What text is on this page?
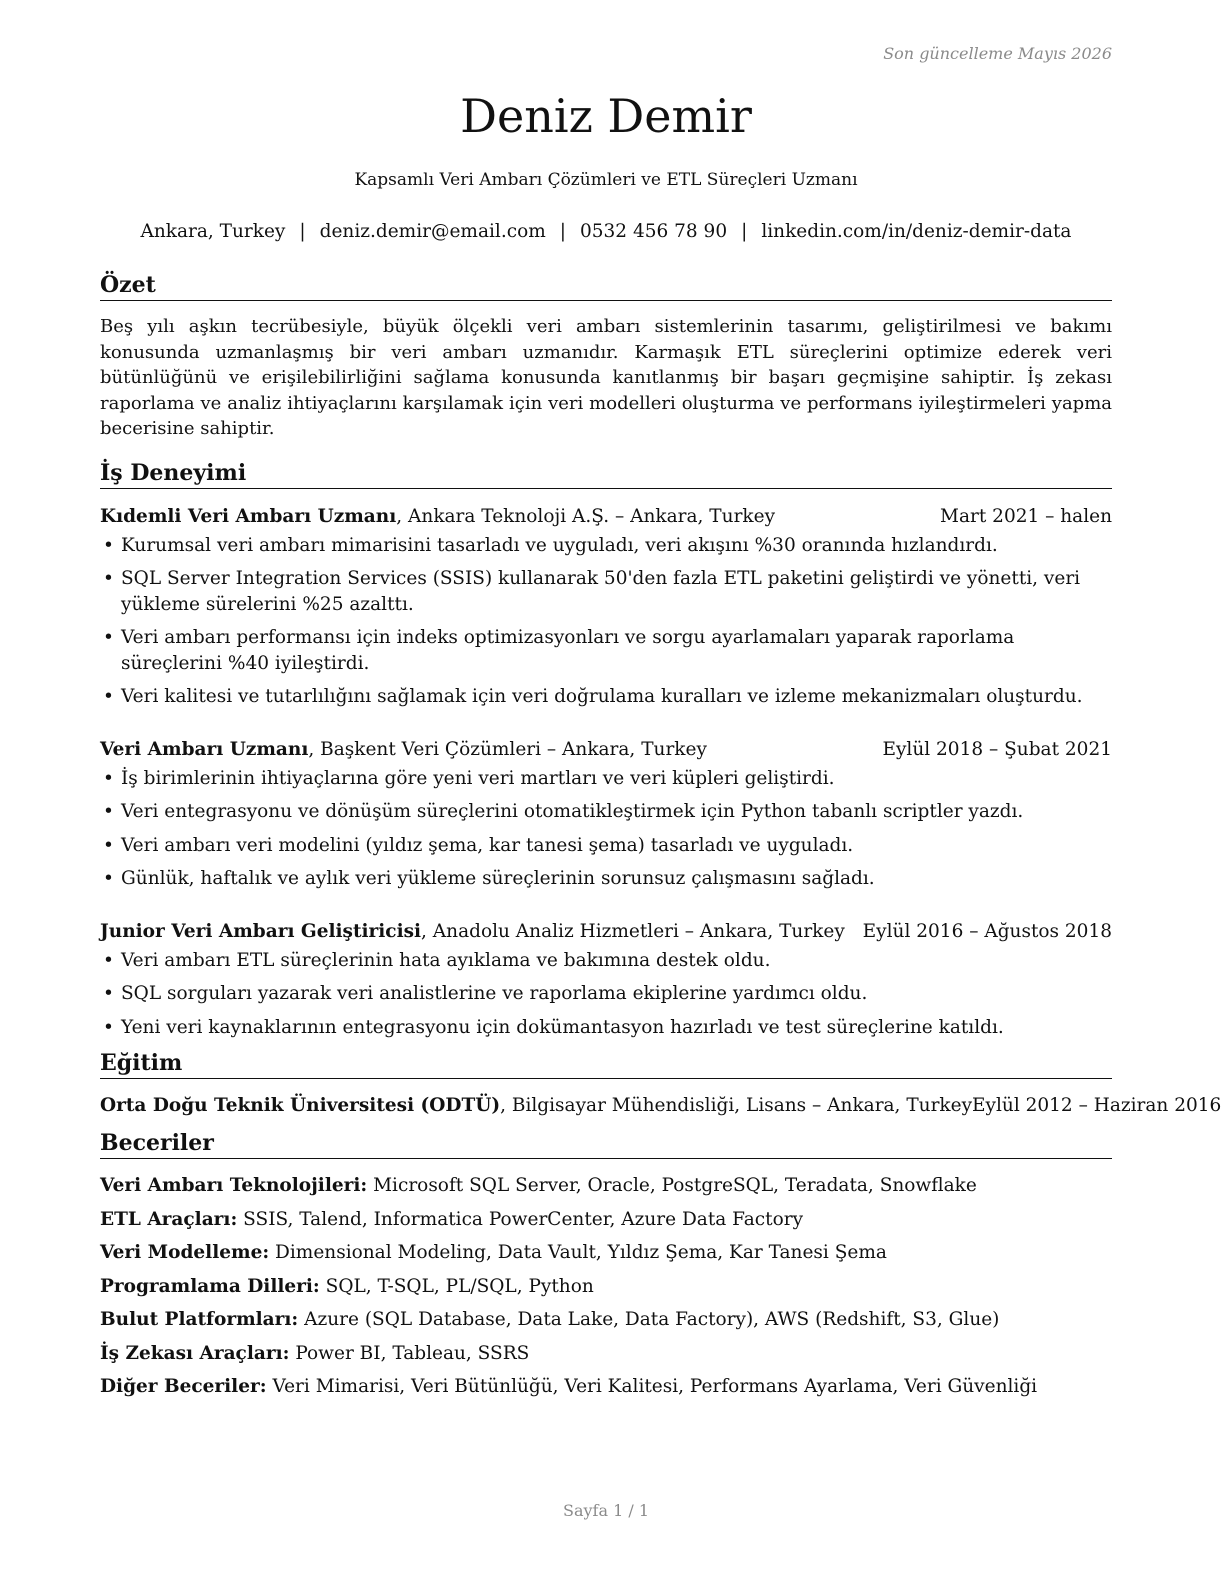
Son güncelleme Mayıs 2026
Deniz Demir
Kapsamlı Veri Ambarı Çözümleri ve ETL Süreçleri Uzmanı
Ankara, Turkey | deniz.demir@email.com | 0532 456 78 90 | linkedin.com/in/deniz-demir-data
Özet

Beş yılı aşkın tecrübesiyle, büyük ölçekli veri ambarı sistemlerinin tasarımı, geliştirilmesi ve bakımı konusunda uzmanlaşmış bir veri ambarı uzmanıdır. Karmaşık ETL süreçlerini optimize ederek veri bütünlüğünü ve erişilebilirliğini sağlama konusunda kanıtlanmış bir başarı geçmişine sahiptir. İş zekası raporlama ve analiz ihtiyaçlarını karşılamak için veri modelleri oluşturma ve performans iyileştirmeleri yapma becerisine sahiptir.

İş Deneyimi
Kıdemli Veri Ambarı Uzmanı, Ankara Teknoloji A.Ş. – Ankara, Turkey	Mart 2021 – halen
• Kurumsal veri ambarı mimarisini tasarladı ve uyguladı, veri akışını %30 oranında hızlandırdı.
• SQL Server Integration Services (SSIS) kullanarak 50'den fazla ETL paketini geliştirdi ve yönetti, veri yükleme sürelerini %25 azalttı.
• Veri ambarı performansı için indeks optimizasyonları ve sorgu ayarlamaları yaparak raporlama süreçlerini %40 iyileştirdi.
• Veri kalitesi ve tutarlılığını sağlamak için veri doğrulama kuralları ve izleme mekanizmaları oluşturdu.
Veri Ambarı Uzmanı, Başkent Veri Çözümleri – Ankara, Turkey	Eylül 2018 – Şubat 2021
• İş birimlerinin ihtiyaçlarına göre yeni veri martları ve veri küpleri geliştirdi.
• Veri entegrasyonu ve dönüşüm süreçlerini otomatikleştirmek için Python tabanlı scriptler yazdı.
• Veri ambarı veri modelini (yıldız şema, kar tanesi şema) tasarladı ve uyguladı.
• Günlük, haftalık ve aylık veri yükleme süreçlerinin sorunsuz çalışmasını sağladı.
Junior Veri Ambarı Geliştiricisi, Anadolu Analiz Hizmetleri – Ankara, Turkey Eylül 2016 – Ağustos 2018
• Veri ambarı ETL süreçlerinin hata ayıklama ve bakımına destek oldu.
• SQL sorguları yazarak veri analistlerine ve raporlama ekiplerine yardımcı oldu.
• Yeni veri kaynaklarının entegrasyonu için dokümantasyon hazırladı ve test süreçlerine katıldı.
Eğitim
Orta Doğu Teknik Üniversitesi (ODTÜ), Bilgisayar Mühendisliği, Lisans – Ankara, Turkey Eylül 2012 – Haziran 2016
Beceriler
Veri Ambarı Teknolojileri: Microsoft SQL Server, Oracle, PostgreSQL, Teradata, Snowflake
ETL Araçları: SSIS, Talend, Informatica PowerCenter, Azure Data Factory
Veri Modelleme: Dimensional Modeling, Data Vault, Yıldız Şema, Kar Tanesi Şema
Programlama Dilleri: SQL, T-SQL, PL/SQL, Python
Bulut Platformları: Azure (SQL Database, Data Lake, Data Factory), AWS (Redshift, S3, Glue)
İş Zekası Araçları: Power BI, Tableau, SSRS
Diğer Beceriler: Veri Mimarisi, Veri Bütünlüğü, Veri Kalitesi, Performans Ayarlama, Veri Güvenliği
Sayfa 1 / 1
